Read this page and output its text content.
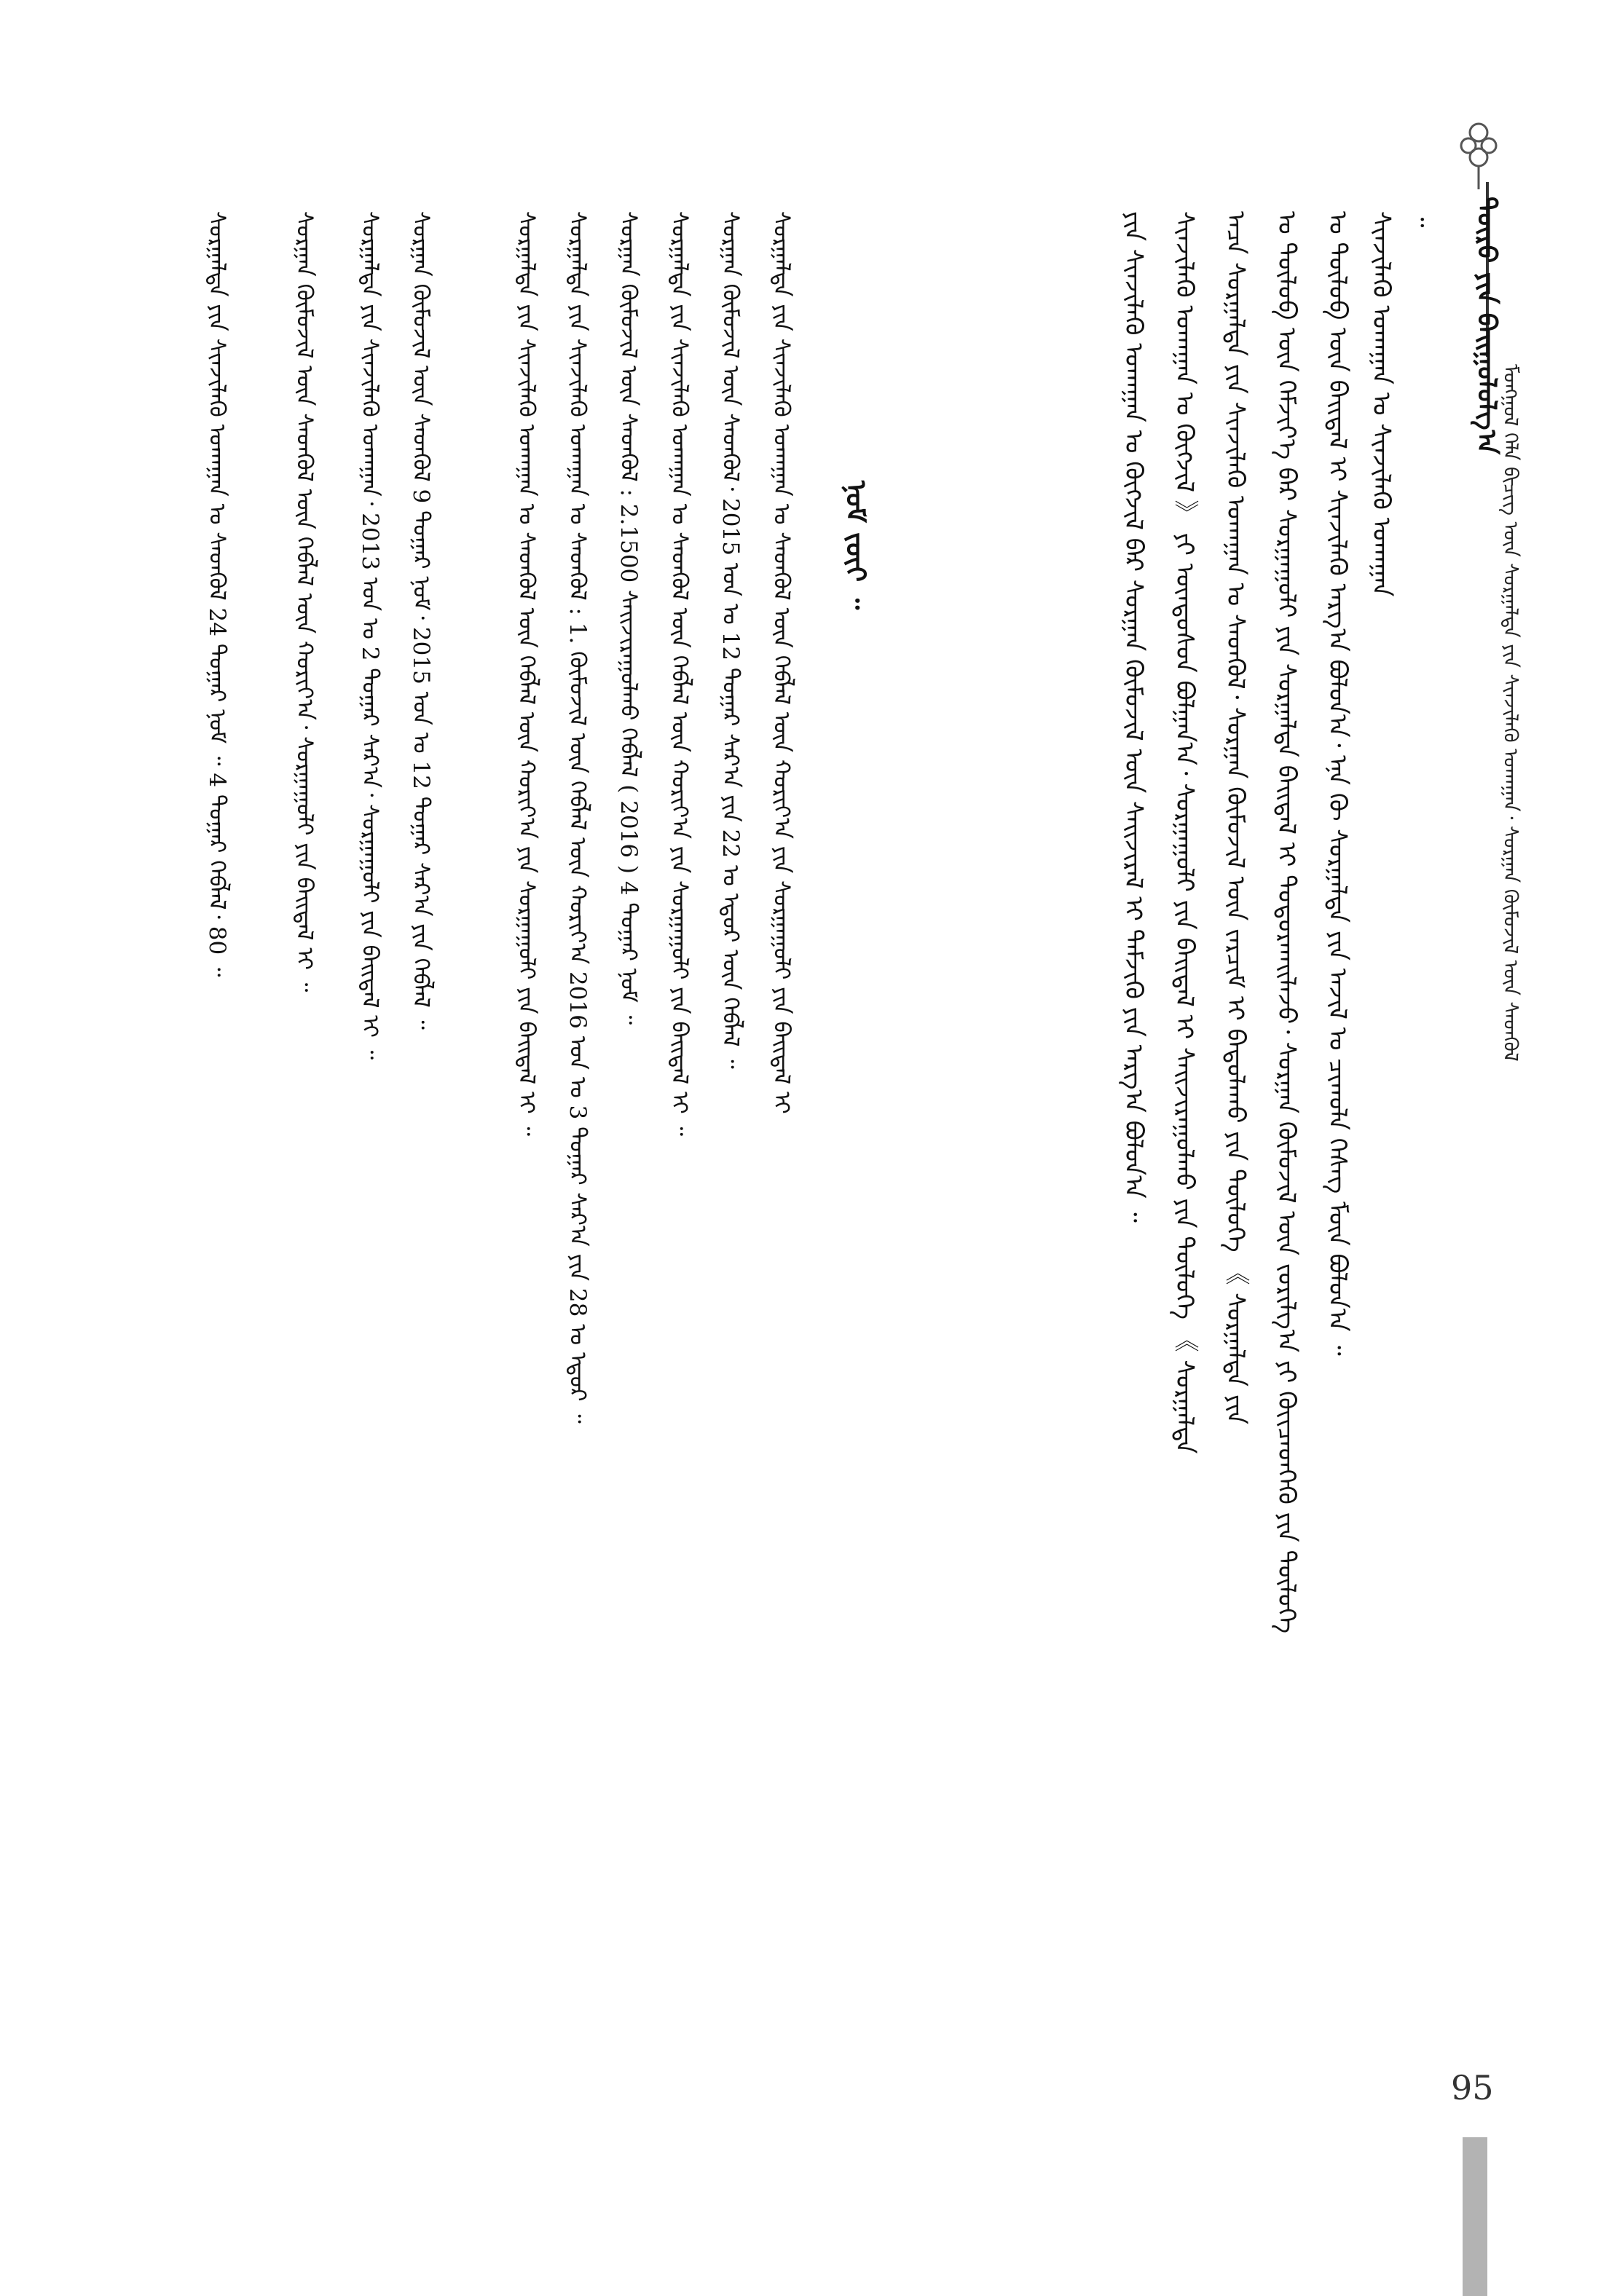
ᠲᠥᠷᠦ ᠶᠢᠨ ᠪᠠᠢᠭᠤᠯᠤᠯᠭ᠎ᠠ
ᠮᠣᠩᠭᠣᠯ ᠬᠡᠯᠡ ᠪᠢᠴᠢᠭ᠌ ᠦᠨ ᠰᠤᠷᠭᠠᠯᠲᠠ ᠶᠢᠨ ᠰᠢᠨᠵᠢᠯᠡᠬᠦ ᠤᠬᠠᠭᠠᠨ᠂ ᠰᠤᠷᠭᠠᠨ ᠬᠦᠮᠦᠵᠢᠯ ᠦᠨ ᠰᠡᠳᠬᠦᠯ
᠃
ᠰᠢᠨᠵᠢᠯᠡᠬᠦ ᠤᠬᠠᠭᠠᠨ ᠤ ᠰᠢᠨᠵᠢᠯᠡᠬᠦ ᠤᠬᠠᠭᠠᠨ
ᠤ ᠲᠥᠯᠦᠪ ᠦᠨ ᠪᠠᠢᠳᠠᠯ ᠢ ᠰᠢᠨᠵᠢᠯᠡᠬᠦ ᠠᠷᠭ᠎ᠠ ᠪᠣᠯᠤᠨ᠎ᠠ᠂ ᠡᠨᠡ ᠬᠦ ᠰᠤᠷᠭᠠᠯᠲᠠ ᠶᠢᠨ ᠠᠵᠢᠯ ᠤ ᠴᠢᠬᠤᠯᠠ ᠬᠡᠰᠡᠭ ᠮᠥᠨ ᠪᠣᠯᠤᠨ᠎ᠠ ᠃
ᠤ ᠲᠥᠯᠦᠪ ᠦᠨ ᠬᠡᠮᠵᠢᠶ᠎ᠡ ᠪᠡᠷ ᠰᠤᠷᠭᠠᠭᠤᠯᠢ ᠶᠢᠨ ᠰᠤᠷᠭᠠᠯᠲᠠ ᠪᠠᠢᠳᠠᠯ ᠢ ᠲᠣᠳᠣᠷᠬᠠᠢᠯᠠᠵᠤ᠂ ᠰᠤᠷᠭᠠᠨ ᠬᠦᠮᠦᠵᠢᠯ ᠦᠨ ᠵᠣᠷᠢᠯᠭ᠎ᠠ ᠶᠢ ᠭᠦᠢᠴᠡᠳᠬᠡᠬᠦ ᠶᠢᠨ ᠲᠥᠯᠦᠭᠡ
ᠠᠴᠠ ᠰᠤᠷᠭᠠᠯᠲᠠ ᠶᠢᠨ ᠰᠢᠨᠵᠢᠯᠡᠬᠦ ᠤᠬᠠᠭᠠᠨ ᠤ ᠰᠡᠳᠬᠦᠯ᠂ ᠰᠤᠷᠭᠠᠨ ᠬᠦᠮᠦᠵᠢᠯ ᠦᠨ ᠵᠠᠷᠴᠢᠮ ᠢ ᠪᠠᠲᠤᠯᠠᠬᠤ ᠶᠢᠨ ᠲᠥᠯᠦᠭᠡ 《 ᠰᠤᠷᠭᠠᠯᠲᠠ ᠶᠢᠨ
ᠰᠢᠨᠵᠢᠯᠡᠬᠦ ᠤᠬᠠᠭᠠᠨ ᠤ ᠬᠥᠭᠵᠢᠯ 》 ᠶᠢ ᠦᠨᠳᠦᠰᠦᠨ ᠪᠣᠯᠭᠠᠨ᠎ᠠ᠂ ᠰᠤᠷᠭᠠᠭᠤᠯᠢ ᠶᠢᠨ ᠪᠠᠢᠳᠠᠯ ᠢ ᠰᠠᠢᠵᠢᠷᠠᠭᠤᠯᠬᠤ ᠶᠢᠨ ᠲᠥᠯᠦᠭᠡ 《 ᠰᠤᠷᠭᠠᠯᠲᠠ
ᠶᠢᠨ ᠰᠢᠨᠵᠢᠯᠡᠬᠦ ᠤᠬᠠᠭᠠᠨ ᠤ ᠬᠥᠭᠵᠢᠯ ᠪᠡᠷ ᠰᠤᠷᠭᠠᠨ ᠬᠦᠮᠦᠵᠢᠯ ᠦᠨ ᠰᠠᠢᠵᠢᠷᠠᠯ ᠢ ᠳᠡᠮᠵᠢᠬᠦ ᠶᠢᠨ ᠠᠷᠭ᠎ᠠ ᠪᠣᠯᠤᠨ᠎ᠠ ᠃
ᠨᠣᠮ ᠵᠦᠢ ᠃
ᠰᠤᠷᠭᠠᠯᠲᠠ ᠶᠢᠨ ᠰᠢᠨᠵᠢᠯᠡᠬᠦ ᠤᠬᠠᠭᠠᠨ ᠤ ᠰᠡᠳᠬᠦᠯ ᠦᠨ ᠬᠡᠪᠯᠡᠯ ᠦᠨ ᠬᠣᠷᠢᠶ᠎ᠠ ᠶᠢᠨ ᠰᠤᠷᠭᠠᠭᠤᠯᠢ ᠶᠢᠨ ᠪᠠᠢᠳᠠᠯ ᠢ
ᠰᠤᠷᠭᠠᠨ ᠬᠦᠮᠦᠵᠢᠯ ᠦᠨ ᠰᠡᠳᠬᠦᠯ᠂ 2015 ᠣᠨ ᠤ 12 ᠳᠤᠭᠠᠷ ᠰᠠᠷ᠎ᠠ ᠶᠢᠨ 22 ᠤ ᠡᠳᠦᠷ ᠦᠨ ᠬᠡᠪᠯᠡᠯ ᠃
ᠰᠤᠷᠭᠠᠯᠲᠠ ᠶᠢᠨ ᠰᠢᠨᠵᠢᠯᠡᠬᠦ ᠤᠬᠠᠭᠠᠨ ᠤ ᠰᠡᠳᠬᠦᠯ ᠦᠨ ᠬᠡᠪᠯᠡᠯ ᠦᠨ ᠬᠣᠷᠢᠶ᠎ᠠ ᠶᠢᠨ ᠰᠤᠷᠭᠠᠭᠤᠯᠢ ᠶᠢᠨ ᠪᠠᠢᠳᠠᠯ ᠢ ᠃
ᠰᠤᠷᠭᠠᠨ ᠬᠦᠮᠦᠵᠢᠯ ᠦᠨ ᠰᠡᠳᠬᠦᠯ : 2.1500 ᠰᠠᠢᠵᠢᠷᠠᠭᠤᠯᠬᠤ ᠬᠡᠪᠯᠡᠯ ( 2016 ) 4 ᠳᠤᠭᠠᠷ ᠨᠣᠮ ᠃
ᠰᠤᠷᠭᠠᠯᠲᠠ ᠶᠢᠨ ᠰᠢᠨᠵᠢᠯᠡᠬᠦ ᠤᠬᠠᠭᠠᠨ ᠤ ᠰᠡᠳᠬᠦᠯ : 1. ᠬᠦᠮᠦᠵᠢᠯ ᠦᠨ ᠬᠡᠪᠯᠡᠯ ᠦᠨ ᠬᠣᠷᠢᠶ᠎ᠠ 2016 ᠣᠨ ᠤ 3 ᠳᠤᠭᠠᠷ ᠰᠠᠷ᠎ᠠ ᠶᠢᠨ 28 ᠤ ᠡᠳᠦᠷ ᠃
ᠰᠤᠷᠭᠠᠯᠲᠠ ᠶᠢᠨ ᠰᠢᠨᠵᠢᠯᠡᠬᠦ ᠤᠬᠠᠭᠠᠨ ᠤ ᠰᠡᠳᠬᠦᠯ ᠦᠨ ᠬᠡᠪᠯᠡᠯ ᠦᠨ ᠬᠣᠷᠢᠶ᠎ᠠ ᠶᠢᠨ ᠰᠤᠷᠭᠠᠭᠤᠯᠢ ᠶᠢᠨ ᠪᠠᠢᠳᠠᠯ ᠢ ᠃
ᠰᠤᠷᠭᠠᠨ ᠬᠦᠮᠦᠵᠢᠯ ᠦᠨ ᠰᠡᠳᠬᠦᠯ 9 ᠳᠤᠭᠠᠷ ᠨᠣᠮ᠂ 2015 ᠣᠨ ᠤ 12 ᠳᠤᠭᠠᠷ ᠰᠠᠷ᠎ᠠ ᠶᠢᠨ ᠬᠡᠪᠯᠡᠯ ᠃
ᠰᠤᠷᠭᠠᠯᠲᠠ ᠶᠢᠨ ᠰᠢᠨᠵᠢᠯᠡᠬᠦ ᠤᠬᠠᠭᠠᠨ᠂ 2013 ᠣᠨ ᠤ 2 ᠳᠤᠭᠠᠷ ᠰᠠᠷ᠎ᠠ᠂ ᠰᠤᠷᠭᠠᠭᠤᠯᠢ ᠶᠢᠨ ᠪᠠᠢᠳᠠᠯ ᠢ ᠃
ᠰᠤᠷᠭᠠᠨ ᠬᠦᠮᠦᠵᠢᠯ ᠦᠨ ᠰᠡᠳᠬᠦᠯ ᠦᠨ ᠬᠡᠪᠯᠡᠯ ᠦᠨ ᠬᠣᠷᠢᠶ᠎ᠠ᠂ ᠰᠤᠷᠭᠠᠭᠤᠯᠢ ᠶᠢᠨ ᠪᠠᠢᠳᠠᠯ ᠢ ᠃
ᠰᠤᠷᠭᠠᠯᠲᠠ ᠶᠢᠨ ᠰᠢᠨᠵᠢᠯᠡᠬᠦ ᠤᠬᠠᠭᠠᠨ ᠤ ᠰᠡᠳᠬᠦᠯ 24 ᠳᠤᠭᠠᠷ ᠨᠣᠮ ᠃ 4 ᠳᠤᠭᠠᠷ ᠬᠡᠪᠯᠡᠯ᠂ 80 ᠃
95
